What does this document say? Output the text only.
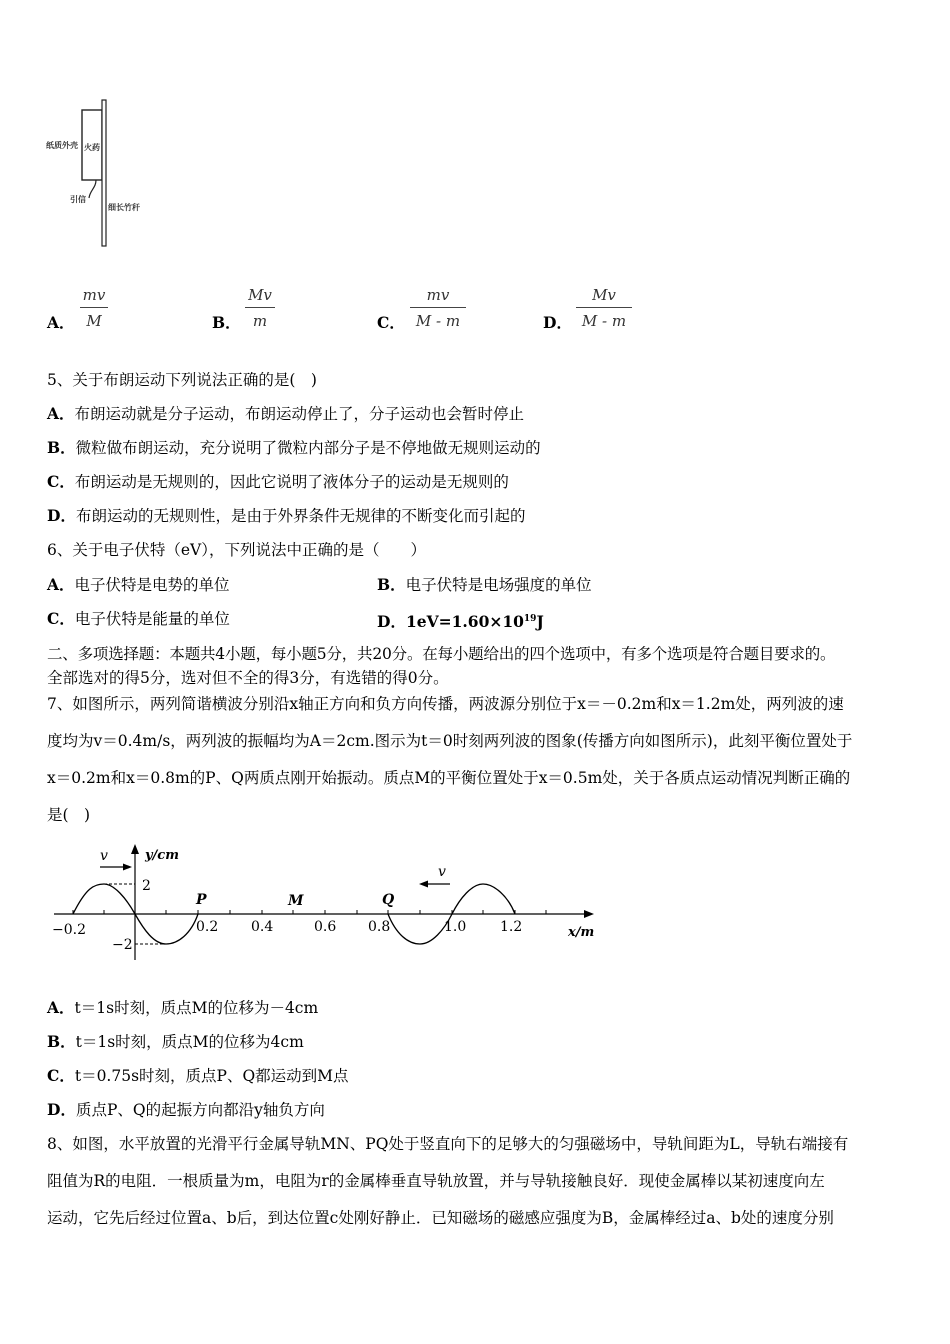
纸质外壳 火药
引信
细长竹秆
A．
mv
M	B．
Mv
m	C．
mv
M - m	D．
Mv
M - m
5、关于布朗运动下列说法正确的是(　)
A．布朗运动就是分子运动，布朗运动停止了，分子运动也会暂时停止
B．微粒做布朗运动，充分说明了微粒内部分子是不停地做无规则运动的
C．布朗运动是无规则的，因此它说明了液体分子的运动是无规则的
D．布朗运动的无规则性，是由于外界条件无规律的不断变化而引起的
6、关于电子伏特（eV），下列说法中正确的是（　　）
A．电子伏特是电势的单位	B．电子伏特是电场强度的单位
C．电子伏特是能量的单位	D．$1eV=1.60\times 10^{19}J$
二、多项选择题：本题共4小题，每小题5分，共20分。在每小题给出的四个选项中，有多个选项是符合题目要求的。
全部选对的得5分，选对但不全的得3分，有选错的得0分。
7、如图所示，两列简谐横波分别沿x轴正方向和负方向传播，两波源分别位于x＝－0.2m和x＝1.2m处，两列波的速
度均为v＝0.4m/s，两列波的振幅均为A＝2cm.图示为t＝0时刻两列波的图象(传播方向如图所示)，此刻平衡位置处于
x＝0.2m和x＝0.8m的P、Q两质点刚开始振动。质点M的平衡位置处于x＝0.5m处，关于各质点运动情况判断正确的
是(　)
v
v
y/cm
2
−2
P	M	Q
−0.2	0.2 0.4	0.6 0.8	1.0 1.2	x/m
A．t＝1s时刻，质点M的位移为－4cm
B．t＝1s时刻，质点M的位移为4cm
C．t＝0.75s时刻，质点P、Q都运动到M点
D．质点P、Q的起振方向都沿y轴负方向
8、如图，水平放置的光滑平行金属导轨MN、PQ处于竖直向下的足够大的匀强磁场中，导轨间距为L，导轨右端接有
阻值为R的电阻．一根质量为m，电阻为r的金属棒垂直导轨放置，并与导轨接触良好．现使金属棒以某初速度向左
运动，它先后经过位置a、b后，到达位置c处刚好静止．已知磁场的磁感应强度为B，金属棒经过a、b处的速度分别
